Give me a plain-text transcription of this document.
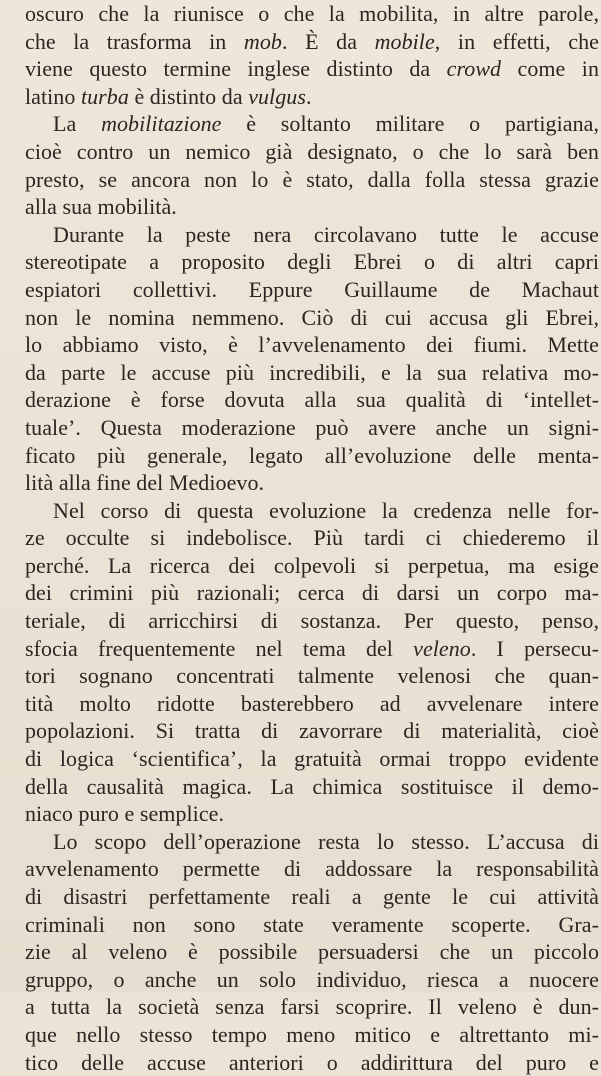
oscuro che la riunisce o che la mobilita, in altre parole,
che la trasforma in mob. È da mobile, in effetti, che
viene questo termine inglese distinto da crowd come in
latino turba è distinto da vulgus.
La mobilitazione è soltanto militare o partigiana,
cioè contro un nemico già designato, o che lo sarà ben
presto, se ancora non lo è stato, dalla folla stessa grazie
alla sua mobilità.
Durante la peste nera circolavano tutte le accuse
stereotipate a proposito degli Ebrei o di altri capri
espiatori collettivi. Eppure Guillaume de Machaut
non le nomina nemmeno. Ciò di cui accusa gli Ebrei,
lo abbiamo visto, è l’avvelenamento dei fiumi. Mette
da parte le accuse più incredibili, e la sua relativa mo-
derazione è forse dovuta alla sua qualità di ‘intellet-
tuale’. Questa moderazione può avere anche un signi-
ficato più generale, legato all’evoluzione delle menta-
lità alla fine del Medioevo.
Nel corso di questa evoluzione la credenza nelle for-
ze occulte si indebolisce. Più tardi ci chiederemo il
perché. La ricerca dei colpevoli si perpetua, ma esige
dei crimini più razionali; cerca di darsi un corpo ma-
teriale, di arricchirsi di sostanza. Per questo, penso,
sfocia frequentemente nel tema del veleno. I persecu-
tori sognano concentrati talmente velenosi che quan-
tità molto ridotte basterebbero ad avvelenare intere
popolazioni. Si tratta di zavorrare di materialità, cioè
di logica ‘scientifica’, la gratuità ormai troppo evidente
della causalità magica. La chimica sostituisce il demo-
niaco puro e semplice.
Lo scopo dell’operazione resta lo stesso. L’accusa di
avvelenamento permette di addossare la responsabilità
di disastri perfettamente reali a gente le cui attività
criminali non sono state veramente scoperte. Gra-
zie al veleno è possibile persuadersi che un piccolo
gruppo, o anche un solo individuo, riesca a nuocere
a tutta la società senza farsi scoprire. Il veleno è dun-
que nello stesso tempo meno mitico e altrettanto mi-
tico delle accuse anteriori o addirittura del puro e
